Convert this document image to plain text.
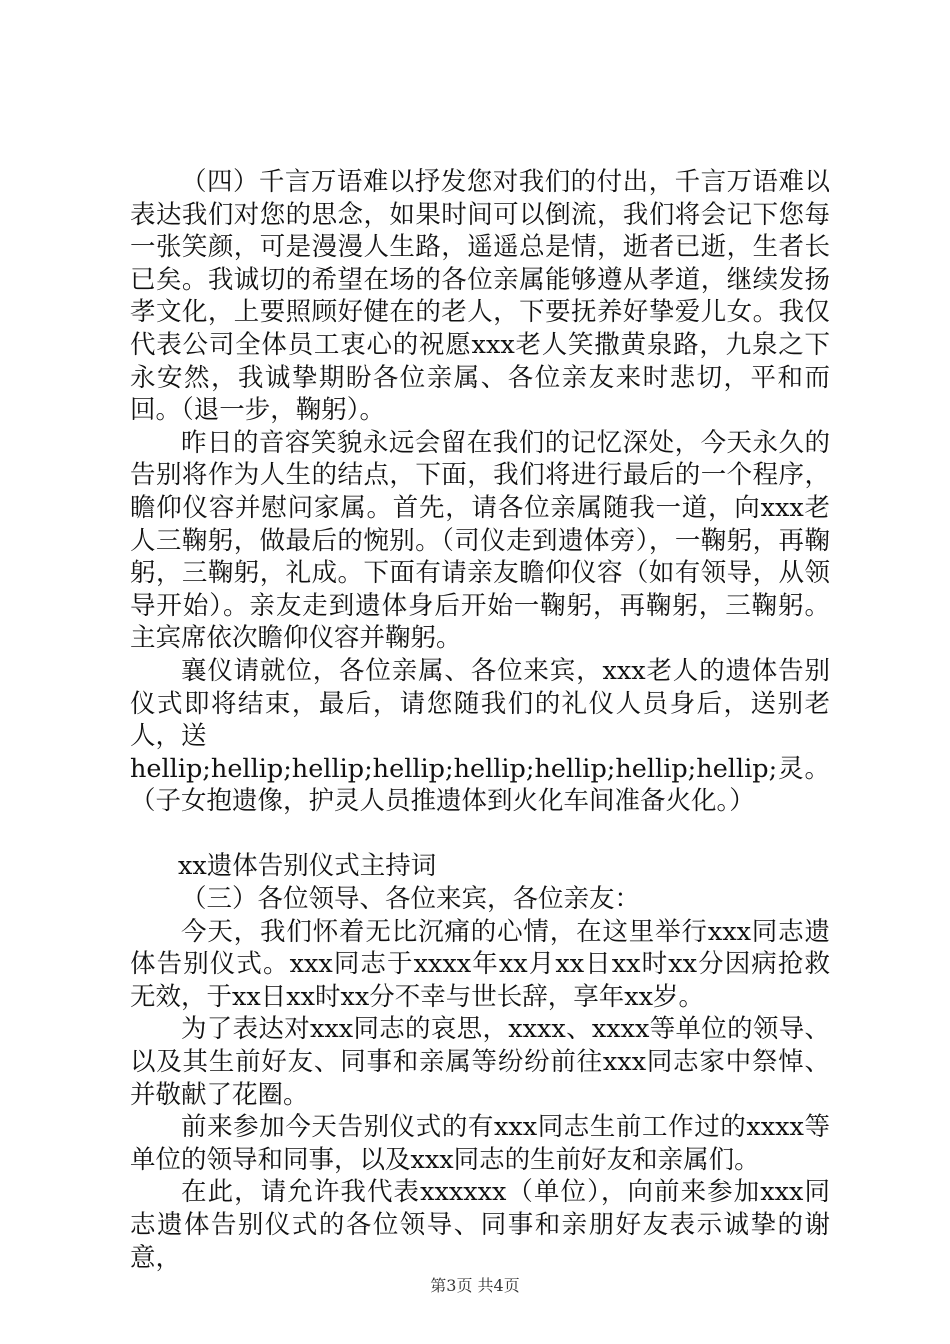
（四）千言万语难以抒发您对我们的付出，千言万语难以表达我们对您的思念，如果时间可以倒流，我们将会记下您每一张笑颜，可是漫漫人生路，遥遥总是情，逝者已逝，生者长已矣。我诚切的希望在场的各位亲属能够遵从孝道，继续发扬孝文化，上要照顾好健在的老人，下要抚养好挚爱儿女。我仅代表公司全体员工衷心的祝愿xxx老人笑撒黄泉路，九泉之下永安然，我诚挚期盼各位亲属、各位亲友来时悲切，平和而回。（退一步，鞠躬）。

昨日的音容笑貌永远会留在我们的记忆深处，今天永久的告别将作为人生的结点，下面，我们将进行最后的一个程序，瞻仰仪容并慰问家属。首先，请各位亲属随我一道，向xxx老人三鞠躬，做最后的惋别。（司仪走到遗体旁），一鞠躬，再鞠躬，三鞠躬，礼成。下面有请亲友瞻仰仪容（如有领导，从领导开始）。亲友走到遗体身后开始一鞠躬，再鞠躬，三鞠躬。主宾席依次瞻仰仪容并鞠躬。

襄仪请就位，各位亲属、各位来宾，xxx老人的遗体告别仪式即将结束，最后，请您随我们的礼仪人员身后，送别老人，送

hellip;hellip;hellip;hellip;hellip;hellip;hellip;hellip;灵。（子女抱遗像，护灵人员推遗体到火化车间准备火化。）

xx遗体告别仪式主持词

（三）各位领导、各位来宾，各位亲友：

今天，我们怀着无比沉痛的心情，在这里举行xxx同志遗体告别仪式。xxx同志于xxxx年xx月xx日xx时xx分因病抢救无效，于xx日xx时xx分不幸与世长辞，享年xx岁。

为了表达对xxx同志的哀思，xxxx、xxxx等单位的领导、以及其生前好友、同事和亲属等纷纷前往xxx同志家中祭悼、并敬献了花圈。

前来参加今天告别仪式的有xxx同志生前工作过的xxxx等单位的领导和同事，以及xxx同志的生前好友和亲属们。

在此，请允许我代表xxxxxx（单位），向前来参加xxx同志遗体告别仪式的各位领导、同事和亲朋好友表示诚挚的谢意，

第3页 共4页
